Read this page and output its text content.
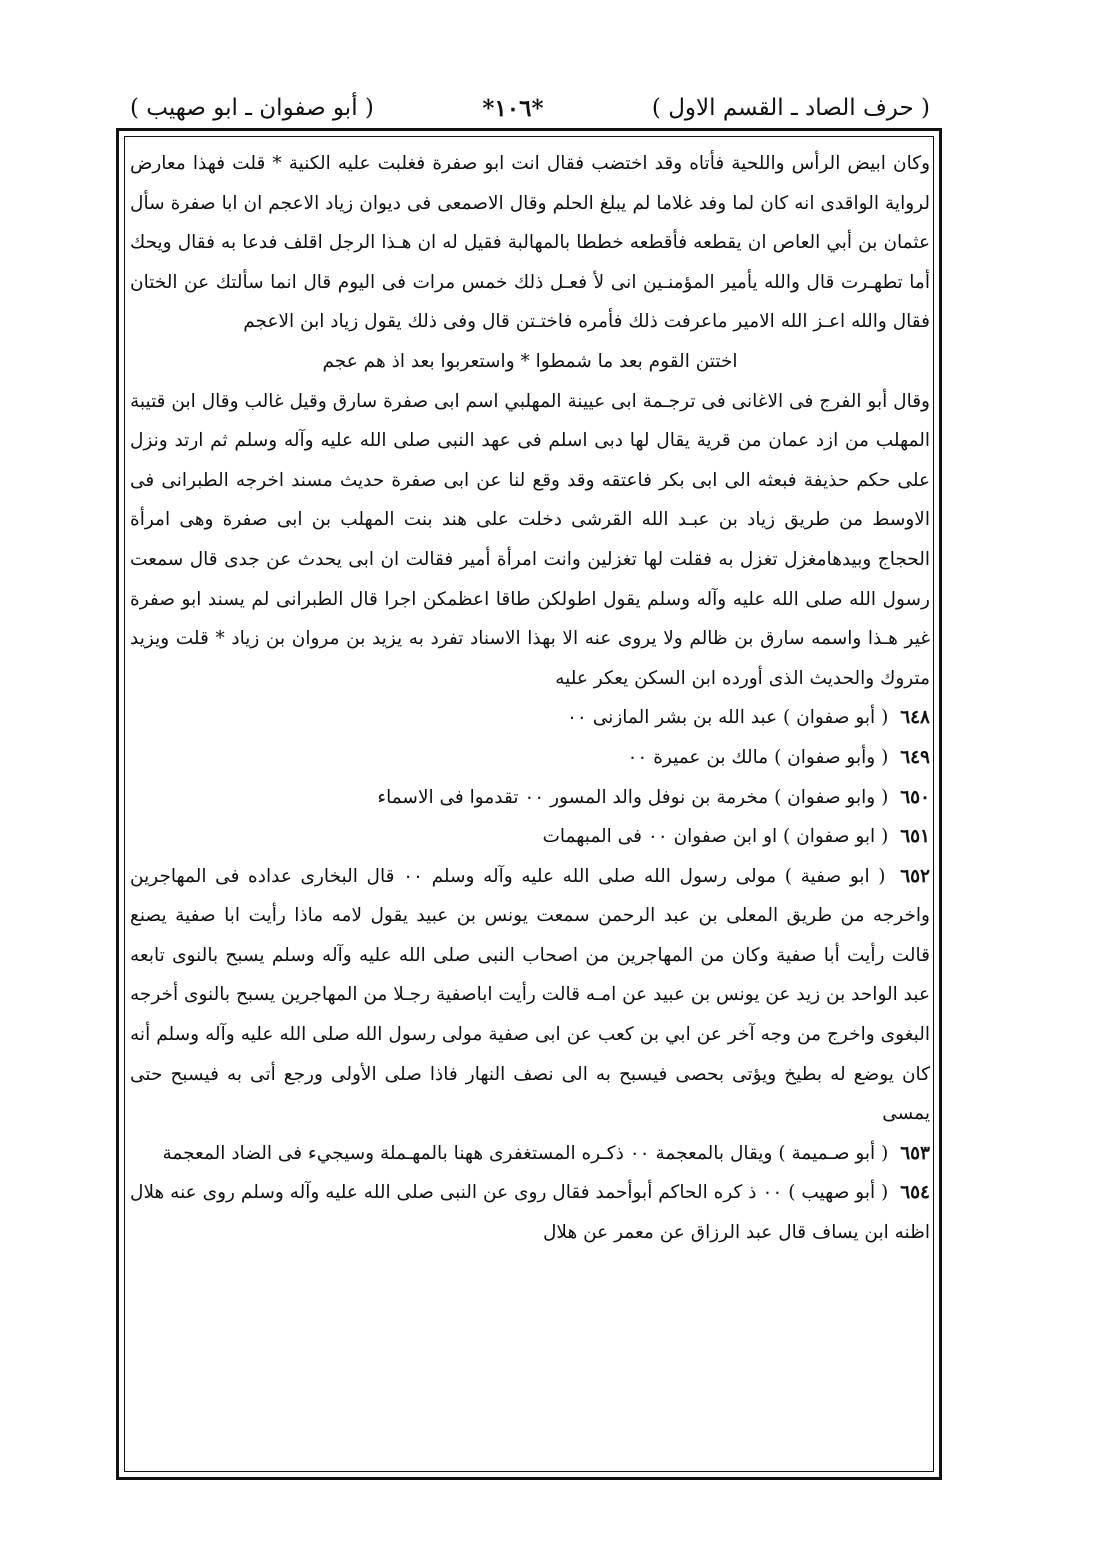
( حرف الصاد ـ القسم الاول )
*١٠٦*
( أبو صفوان ـ ابو صهيب )

وكان ابيض الرأس واللحية فأتاه وقد اختضب فقال انت ابو صفرة فغلبت عليه الكنية * قلت فهذا معارض لرواية الواقدى انه كان لما وفد غلاما لم يبلغ الحلم وقال الاصمعى فى ديوان زياد الاعجم ان ابا صفرة سأل عثمان بن أبي العاص ان يقطعه فأقطعه خططا بالمهالبة فقيل له ان هـذا الرجل اقلف فدعا به فقال ويحك أما تطهـرت قال والله يأمير المؤمنـين انى لأ فعـل ذلك خمس مرات فى اليوم قال انما سألتك عن الختان فقال والله اعـز الله الامير ماعرفت ذلك فأمره فاختـتن قال وفى ذلك يقول زياد ابن الاعجم

اختتن القوم بعد ما شمطوا * واستعربوا بعد اذ هم عجم

وقال أبو الفرج فى الاغانى فى ترجـمة ابى عيينة المهلبي اسم ابى صفرة سارق وقيل غالب وقال ابن قتيبة المهلب من ازد عمان من قرية يقال لها دبى اسلم فى عهد النبى صلى الله عليه وآله وسلم ثم ارتد ونزل على حكم حذيفة فبعثه الى ابى بكر فاعتقه وقد وقع لنا عن ابى صفرة حديث مسند اخرجه الطبرانى فى الاوسط من طريق زياد بن عبـد الله القرشى دخلت على هند بنت المهلب بن ابى صفرة وهى امرأة الحجاج وبيدهامغزل تغزل به فقلت لها تغزلين وانت امرأة أمير فقالت ان ابى يحدث عن جدى قال سمعت رسول الله صلى الله عليه وآله وسلم يقول اطولكن طاقا اعظمكن اجرا قال الطبرانى لم يسند ابو صفرة غير هـذا واسمه سارق بن ظالم ولا يروى عنه الا بهذا الاسناد تفرد به يزيد بن مروان بن زياد * قلت ويزيد متروك والحديث الذى أورده ابن السكن يعكر عليه

٦٤٨ ( أبو صفوان ) عبد الله بن بشر المازنى ٠٠

٦٤٩ ( وأبو صفوان ) مالك بن عميرة ٠٠

٦٥٠ ( وابو صفوان ) مخرمة بن نوفل والد المسور ٠٠ تقدموا فى الاسماء

٦٥١ ( ابو صفوان ) او ابن صفوان ٠٠ فى المبهمات

٦٥٢ ( ابو صفية ) مولى رسول الله صلى الله عليه وآله وسلم ٠٠ قال البخارى عداده فى المهاجرين واخرجه من طريق المعلى بن عبد الرحمن سمعت يونس بن عبيد يقول لامه ماذا رأيت ابا صفية يصنع قالت رأيت أبا صفية وكان من المهاجرين من اصحاب النبى صلى الله عليه وآله وسلم يسبح بالنوى تابعه عبد الواحد بن زيد عن يونس بن عبيد عن امـه قالت رأيت اباصفية رجـلا من المهاجرين يسبح بالنوى أخرجه البغوى واخرج من وجه آخر عن ابي بن كعب عن ابى صفية مولى رسول الله صلى الله عليه وآله وسلم أنه كان يوضع له بطيخ ويؤتى بحصى فيسبح به الى نصف النهار فاذا صلى الأولى ورجع أتى به فيسبح حتى يمسى

٦٥٣ ( أبو صـميمة ) ويقال بالمعجمة ٠٠ ذكـره المستغفرى ههنا بالمهـملة وسيجيء فى الضاد المعجمة

٦٥٤ ( أبو صهيب ) ٠٠ ذ كره الحاكم أبوأحمد فقال روى عن النبى صلى الله عليه وآله وسلم روى عنه هلال اظنه ابن يساف قال عبد الرزاق عن معمر عن هلال
